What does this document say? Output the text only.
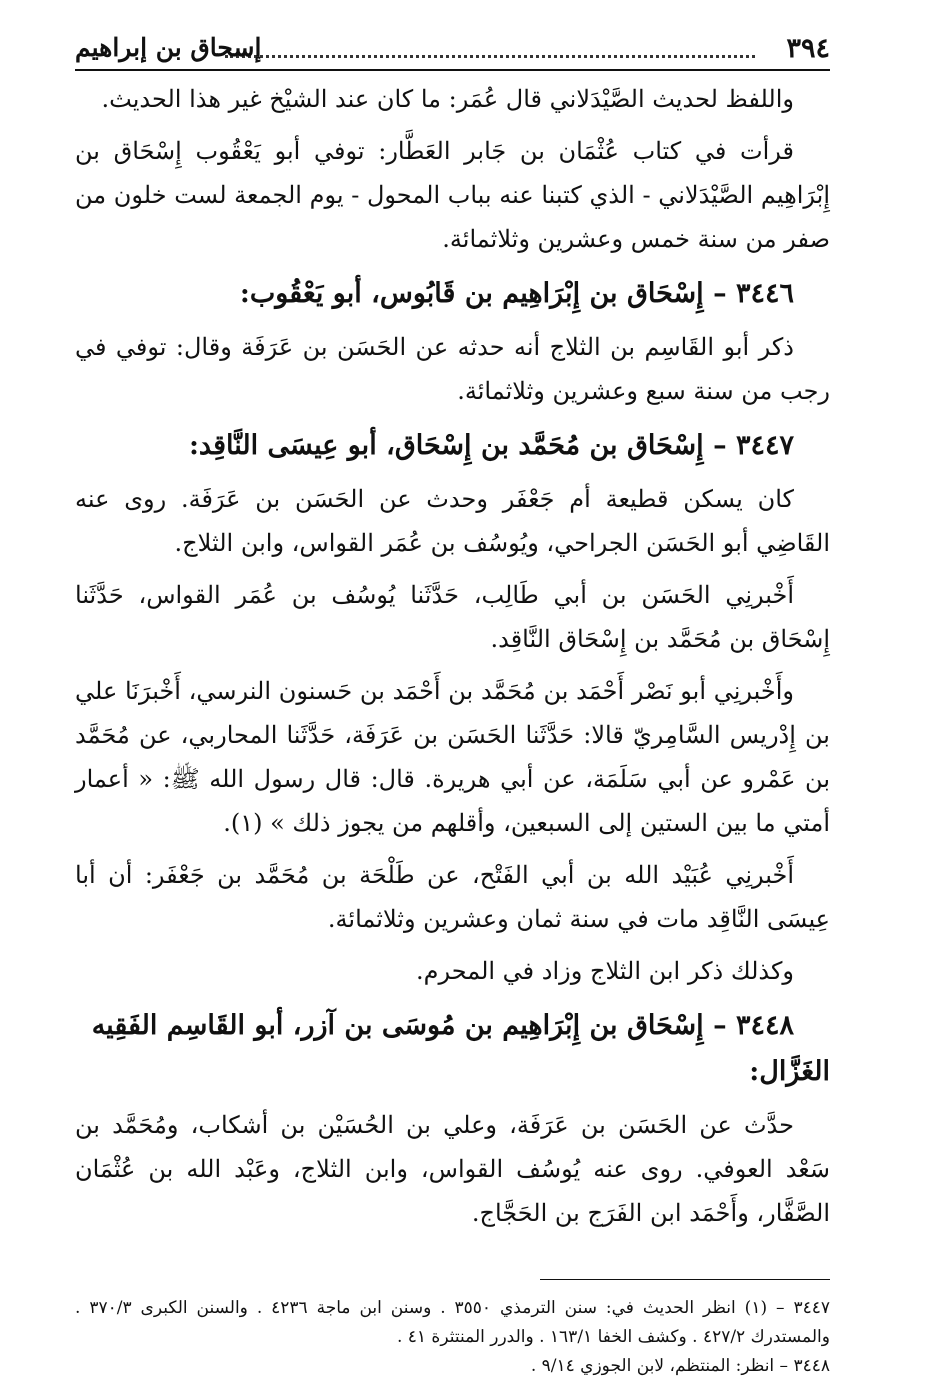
٣٩٤
إسحاق بن إبراهيم

واللفظ لحديث الصَّيْدَلاني قال عُمَر: ما كان عند الشيْخ غير هذا الحديث.

قرأت في كتاب عُثْمَان بن جَابر العَطَّار: توفي أبو يَعْقُوب إِسْحَاق بن إِبْرَاهِيم الصَّيْدَلاني - الذي كتبنا عنه بباب المحول - يوم الجمعة لست خلون من صفر من سنة خمس وعشرين وثلاثمائة.

٣٤٤٦ – إِسْحَاق بن إِبْرَاهِيم بن قَابُوس، أبو يَعْقُوب:

ذكر أبو القَاسِم بن الثلاج أنه حدثه عن الحَسَن بن عَرَفَة وقال: توفي في رجب من سنة سبع وعشرين وثلاثمائة.

٣٤٤٧ – إِسْحَاق بن مُحَمَّد بن إِسْحَاق، أبو عِيسَى النَّاقِد:

كان يسكن قطيعة أم جَعْفَر وحدث عن الحَسَن بن عَرَفَة. روى عنه القَاضِي أبو الحَسَن الجراحي، ويُوسُف بن عُمَر القواس، وابن الثلاج.

أَخْبرنِي الحَسَن بن أبي طَالِب، حَدَّثَنا يُوسُف بن عُمَر القواس، حَدَّثَنا إِسْحَاق بن مُحَمَّد بن إِسْحَاق النَّاقِد.

وأَخْبرنِي أبو نَصْر أَحْمَد بن مُحَمَّد بن أَحْمَد بن حَسنون النرسي، أَخْبرَنَا علي بن إِدْريس السَّامِريّ قالا: حَدَّثَنا الحَسَن بن عَرَفَة، حَدَّثَنا المحاربي، عن مُحَمَّد بن عَمْرو عن أبي سَلَمَة، عن أبي هريرة. قال: قال رسول الله ﷺ: « أعمار أمتي ما بين الستين إلى السبعين، وأقلهم من يجوز ذلك » (١).

أَخْبرنِي عُبَيْد الله بن أبي الفَتْح، عن طَلْحَة بن مُحَمَّد بن جَعْفَر: أن أبا عِيسَى النَّاقِد مات في سنة ثمان وعشرين وثلاثمائة.

وكذلك ذكر ابن الثلاج وزاد في المحرم.

٣٤٤٨ – إِسْحَاق بن إِبْرَاهِيم بن مُوسَى بن آزر، أبو القَاسِم الفَقِيه الغَزَّال:

حدَّث عن الحَسَن بن عَرَفَة، وعلي بن الحُسَيْن بن أشكاب، ومُحَمَّد بن سَعْد العوفي. روى عنه يُوسُف القواس، وابن الثلاج، وعَبْد الله بن عُثْمَان الصَّفَّار، وأَحْمَد ابن الفَرَج بن الحَجَّاج.

٣٤٤٧ – (١) انظر الحديث في: سنن الترمذي ٣٥٥٠ . وسنن ابن ماجة ٤٢٣٦ . والسنن الكبرى ٣٧٠/٣ . والمستدرك ٤٢٧/٢ . وكشف الخفا ١٦٣/١ . والدرر المنتثرة ٤١ .

٣٤٤٨ – انظر: المنتظم، لابن الجوزي ٩/١٤ .
